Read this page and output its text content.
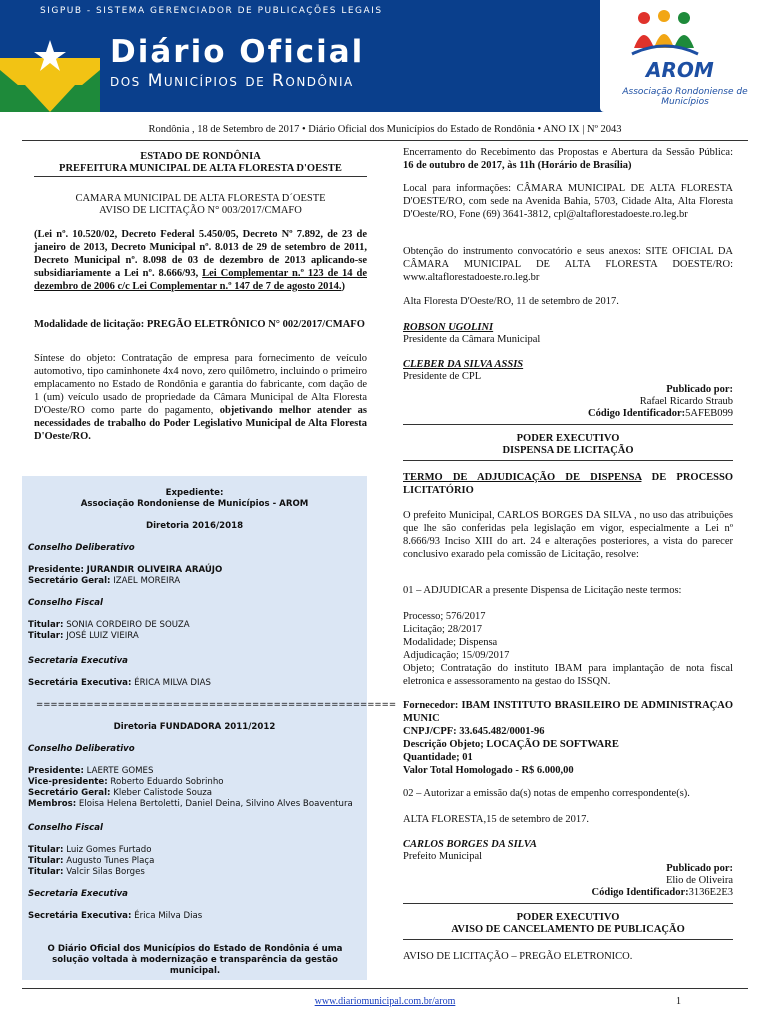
SIGPUB - SISTEMA GERENCIADOR DE PUBLICAÇÕES LEGAIS
Diário Oficial
dos Municípios de Rondônia	AROM
Associação Rondoniense de Municípios
Rondônia , 18 de Setembro de 2017 • Diário Oficial dos Municípios do Estado de Rondônia • ANO IX | Nº 2043
ESTADO DE RONDÔNIA
PREFEITURA MUNICIPAL DE ALTA FLORESTA D'OESTE
CAMARA MUNICIPAL DE ALTA FLORESTA D´OESTE
AVISO DE LICITAÇÃO N° 003/2017/CMAFO
(Lei nº. 10.520/02, Decreto Federal 5.450/05, Decreto Nº 7.892, de 23 de janeiro de 2013, Decreto Municipal nº. 8.013 de 29 de setembro de 2011, Decreto Municipal nº. 8.098 de 03 de dezembro de 2013 aplicando-se subsidiariamente a Lei nº. 8.666/93, Lei Complementar n.º 123 de 14 de dezembro de 2006 c/c Lei Complementar n.º 147 de 7 de agosto 2014.)
Modalidade de licitação: PREGÃO ELETRÔNICO N° 002/2017/CMAFO
Síntese do objeto: Contratação de empresa para fornecimento de veículo automotivo, tipo caminhonete 4x4 novo, zero quilômetro, incluindo o primeiro emplacamento no Estado de Rondônia e garantia do fabricante, com dação de 1 (um) veículo usado de propriedade da Câmara Municipal de Alta Floresta D'Oeste/RO como parte do pagamento, objetivando melhor atender as necessidades de trabalho do Poder Legislativo Municipal de Alta Floresta D'Oeste/RO.
Expediente:
Associação Rondoniense de Municípios - AROM
Diretoria 2016/2018
Conselho Deliberativo
Presidente: JURANDIR OLIVEIRA ARAÚJO
Secretário Geral: IZAEL MOREIRA
Conselho Fiscal
Titular: SONIA CORDEIRO DE SOUZA
Titular: JOSÉ LUIZ VIEIRA
Secretaria Executiva
Secretária Executiva: ÉRICA MILVA DIAS
==================================================
Diretoria FUNDADORA 2011/2012
Conselho Deliberativo
Presidente: LAERTE GOMES
Vice-presidente: Roberto Eduardo Sobrinho
Secretário Geral: Kleber Calistode Souza
Membros: Eloisa Helena Bertoletti, Daniel Deina, Silvino Alves Boaventura
Conselho Fiscal
Titular: Luiz Gomes Furtado
Titular: Augusto Tunes Plaça
Titular: Valcir Silas Borges
Secretaria Executiva
Secretária Executiva: Érica Milva Dias
O Diário Oficial dos Municípios do Estado de Rondônia é uma solução voltada à modernização e transparência da gestão municipal.
Encerramento do Recebimento das Propostas e Abertura da Sessão Pública: 16 de outubro de 2017, às 11h (Horário de Brasília)
Local para informações: CÂMARA MUNICIPAL DE ALTA FLORESTA D'OESTE/RO, com sede na Avenida Bahia, 5703, Cidade Alta, Alta Floresta D'Oeste/RO, Fone (69) 3641-3812, cpl@altaflorestadoeste.ro.leg.br
Obtenção do instrumento convocatório e seus anexos: SITE OFICIAL DA CÂMARA MUNICIPAL DE ALTA FLORESTA DOESTE/RO: www.altaflorestadoeste.ro.leg.br
Alta Floresta D'Oeste/RO, 11 de setembro de 2017.
ROBSON UGOLINI
Presidente da Câmara Municipal
CLEBER DA SILVA ASSIS
Presidente de CPL
Publicado por:
Rafael Ricardo Straub
Código Identificador:5AFEB099
PODER EXECUTIVO
DISPENSA DE LICITAÇÃO
TERMO DE ADJUDICAÇÃO DE DISPENSA DE PROCESSO LICITATÓRIO
O prefeito Municipal, CARLOS BORGES DA SILVA , no uso das atribuições que lhe são conferidas pela legislação em vigor, especialmente a Lei nº 8.666/93 Inciso XIII do art. 24 e alterações posteriores, a vista do parecer conclusivo exarado pela comissão de Licitação, resolve:
01 – ADJUDICAR a presente Dispensa de Licitação neste termos:
Processo; 576/2017
Licitação; 28/2017
Modalidade; Dispensa
Adjudicação; 15/09/2017
Objeto; Contratação do instituto IBAM para implantação de nota fiscal eletronica e assessoramento na gestao do ISSQN.
Fornecedor: IBAM INSTITUTO BRASILEIRO DE ADMINISTRAÇAO MUNIC
CNPJ/CPF: 33.645.482/0001-96
Descrição Objeto; LOCAÇÃO DE SOFTWARE
Quantidade; 01
Valor Total Homologado - R$ 6.000,00
02 – Autorizar a emissão da(s) notas de empenho correspondente(s).
ALTA FLORESTA,15 de setembro de 2017.
CARLOS BORGES DA SILVA
Prefeito Municipal
Publicado por:
Elio de Oliveira
Código Identificador:3136E2E3
PODER EXECUTIVO
AVISO DE CANCELAMENTO DE PUBLICAÇÃO
AVISO DE LICITAÇÃO – PREGÃO ELETRONICO.
www.diariomunicipal.com.br/arom	1
